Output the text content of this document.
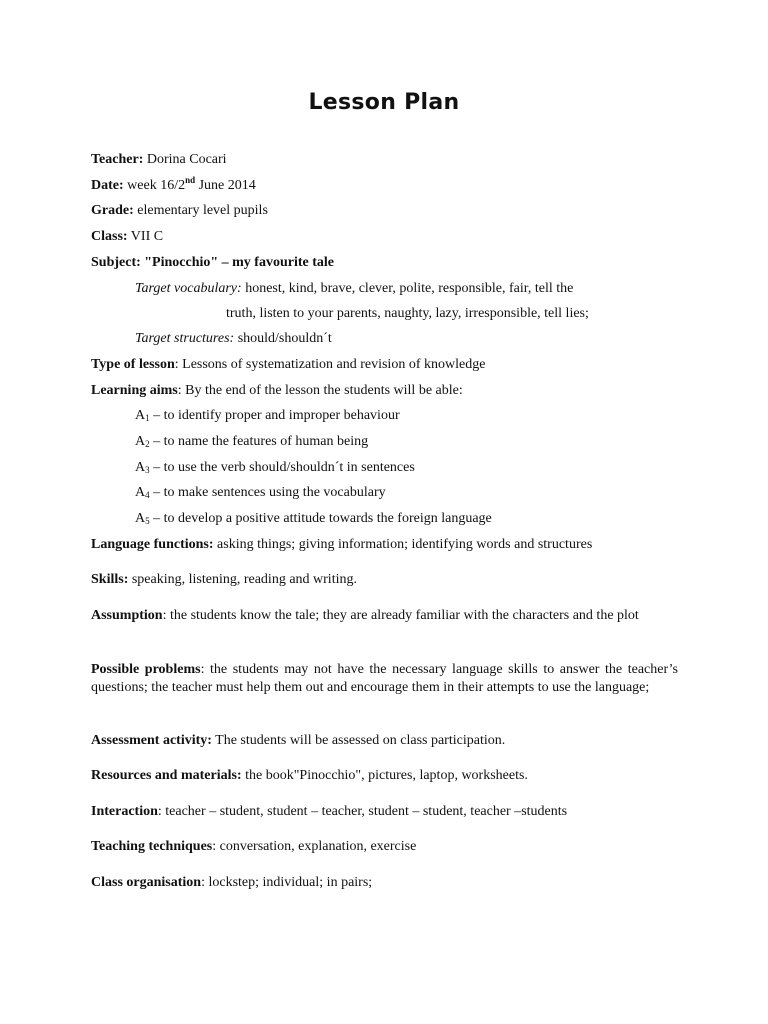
Lesson Plan
Teacher: Dorina Cocari
Date: week 16/2nd June 2014
Grade: elementary level pupils
Class: VII C
Subject: "Pinocchio" – my favourite tale
Target vocabulary: honest, kind, brave, clever, polite, responsible, fair, tell the
truth, listen to your parents, naughty, lazy, irresponsible, tell lies;
Target structures: should/shouldn´t
Type of lesson: Lessons of systematization and revision of knowledge
Learning aims: By the end of the lesson the students will be able:
$A_1$ – to identify proper and improper behaviour
$A_2$ – to name the features of human being
$A_3$ – to use the verb should/shouldn´t in sentences
$A_4$ – to make sentences using the vocabulary
$A_5$ – to develop a positive attitude towards the foreign language
Language functions: asking things; giving information; identifying words and structures
Skills: speaking, listening, reading and writing.
Assumption: the students know the tale; they are already familiar with the characters and the plot
Possible problems: the students may not have the necessary language skills to answer the teacher’s questions; the teacher must help them out and encourage them in their attempts to use the language;
Assessment activity: The students will be assessed on class participation.
Resources and materials: the book"Pinocchio", pictures, laptop, worksheets.
Interaction: teacher – student, student – teacher, student – student, teacher –students
Teaching techniques: conversation, explanation, exercise
Class organisation: lockstep; individual; in pairs;
